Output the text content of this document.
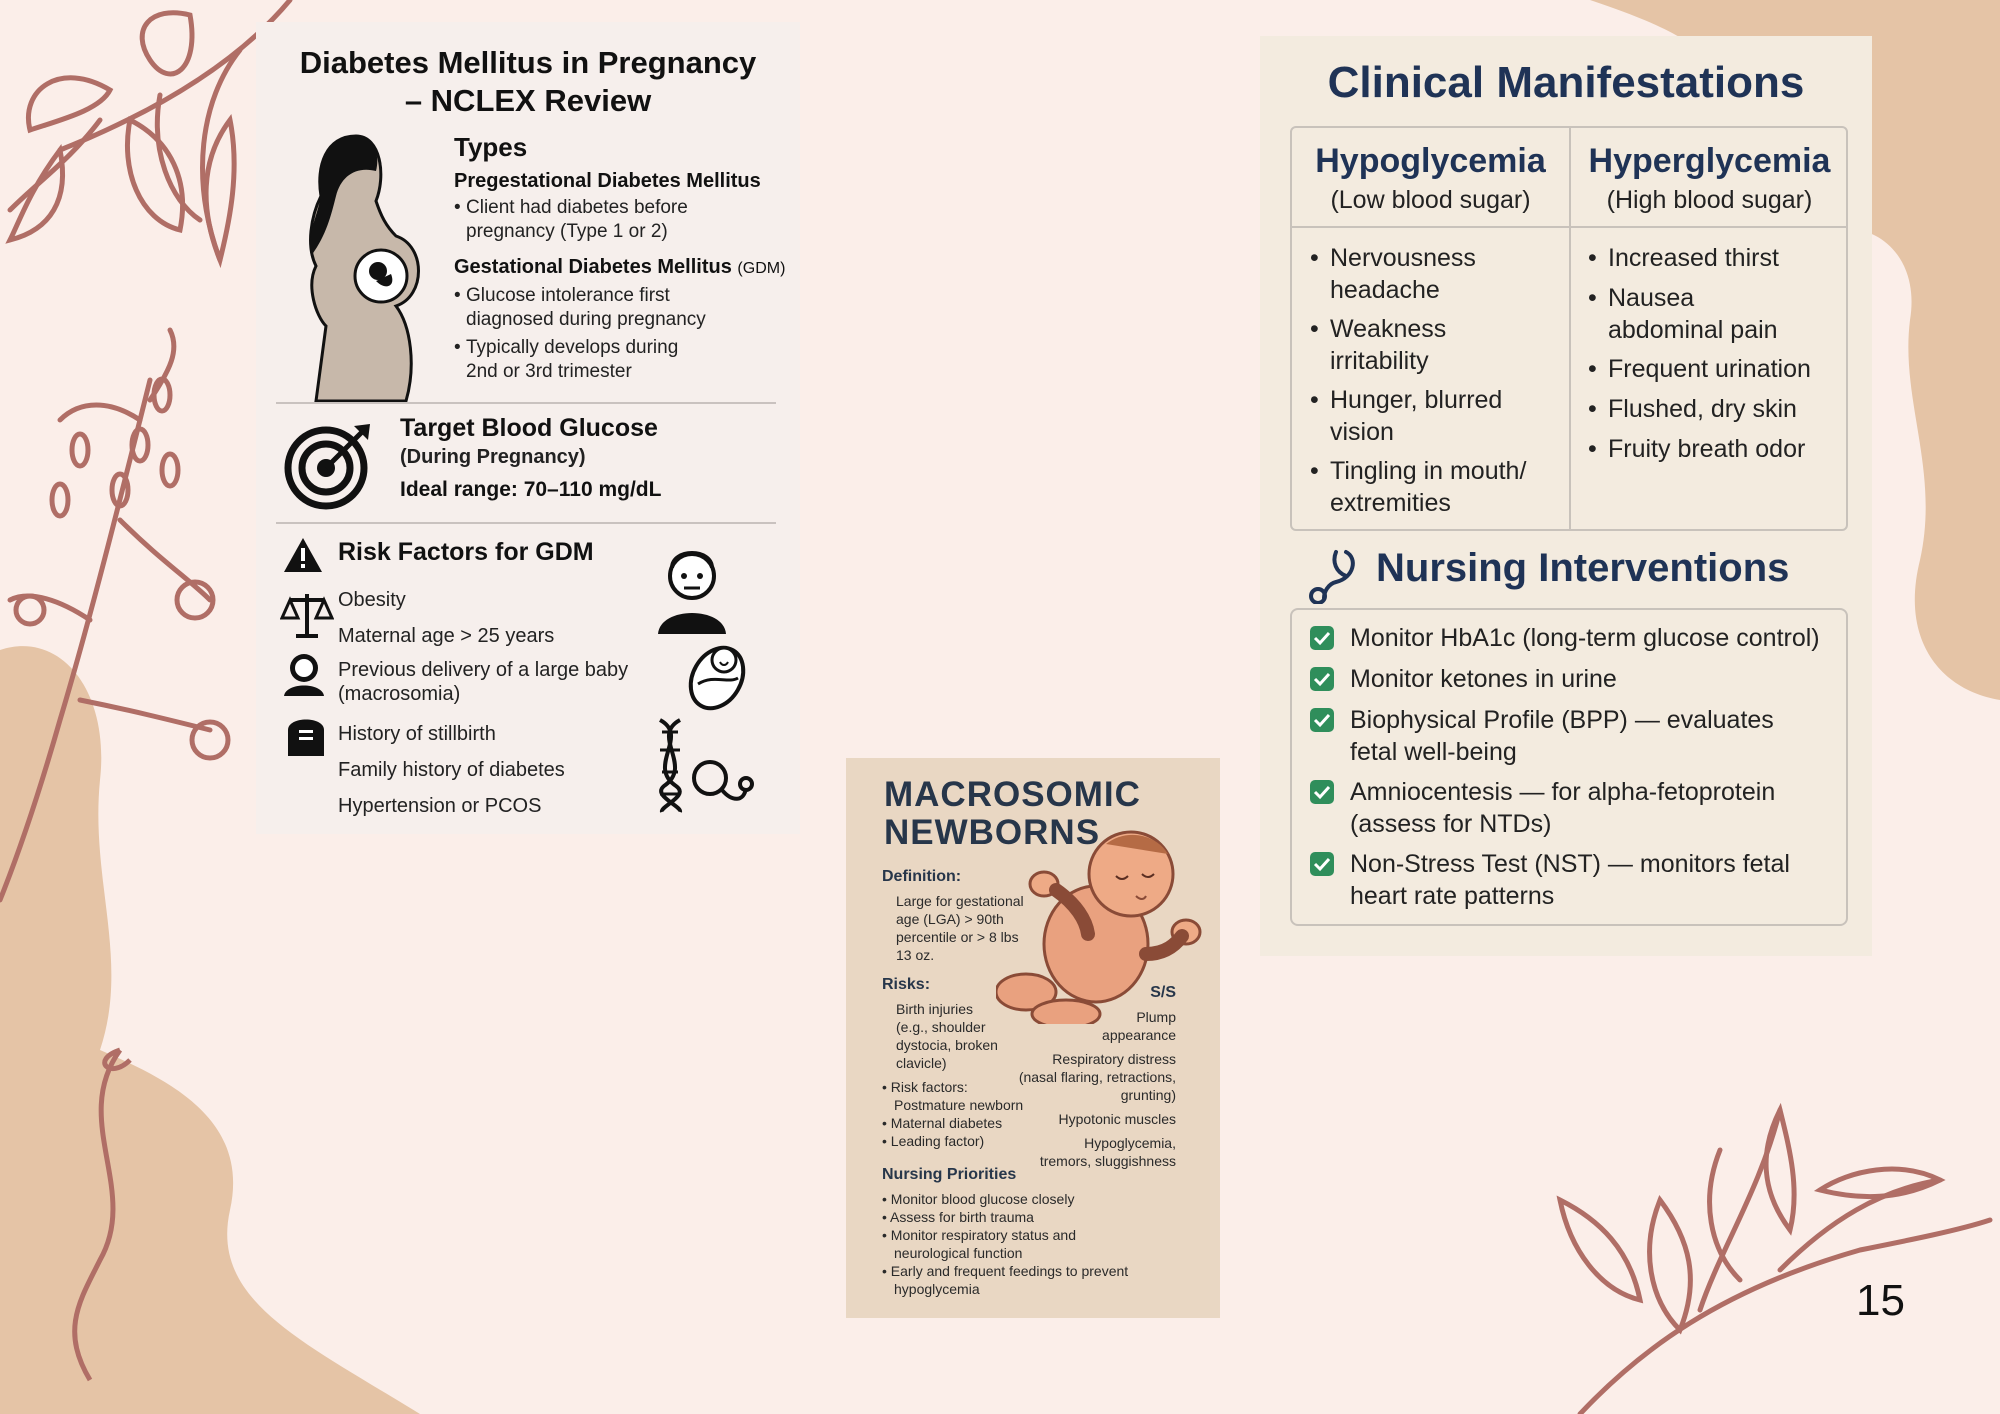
Diabetes Mellitus in Pregnancy
– NCLEX Review
Types
Pregestational Diabetes Mellitus
• Client had diabetes before
pregnancy (Type 1 or 2)
Gestational Diabetes Mellitus (GDM)
• Glucose intolerance first
diagnosed during pregnancy
• Typically develops during
2nd or 3rd trimester
Target Blood Glucose
(During Pregnancy)
Ideal range: 70–110 mg/dL
Risk Factors for GDM
Obesity
Maternal age > 25 years
Previous delivery of a large baby
(macrosomia)
History of stillbirth
Family history of diabetes
Hypertension or PCOS	MACROSOMIC
NEWBORNS
Definition:
Large for gestational
age (LGA) > 90th
percentile or > 8 lbs
13 oz.
Risks:
Birth injuries
(e.g., shoulder
dystocia, broken
clavicle)
• Risk factors:
Postmature newborn
• Maternal diabetes
• Leading factor)
S/S
Plump
appearance
Respiratory distress
(nasal flaring, retractions,
grunting)
Hypotonic muscles
Hypoglycemia,
tremors, sluggishness
Nursing Priorities
• Monitor blood glucose closely
• Assess for birth trauma
• Monitor respiratory status and
neurological function
• Early and frequent feedings to prevent
hypoglycemia
Clinical Manifestations
Hypoglycemia
(Low blood sugar)
Hyperglycemia
(High blood sugar)
• Nervousness
headache
• Weakness
irritability
• Hunger, blurred
vision
• Tingling in mouth/
extremities
• Increased thirst
• Nausea
abdominal pain
• Frequent urination
• Flushed, dry skin
• Fruity breath odor
Nursing Interventions
Monitor HbA1c (long-term glucose control)
Monitor ketones in urine
Biophysical Profile (BPP) — evaluates
fetal well-being
Amniocentesis — for alpha-fetoprotein
(assess for NTDs)
Non-Stress Test (NST) — monitors fetal
heart rate patterns
15
